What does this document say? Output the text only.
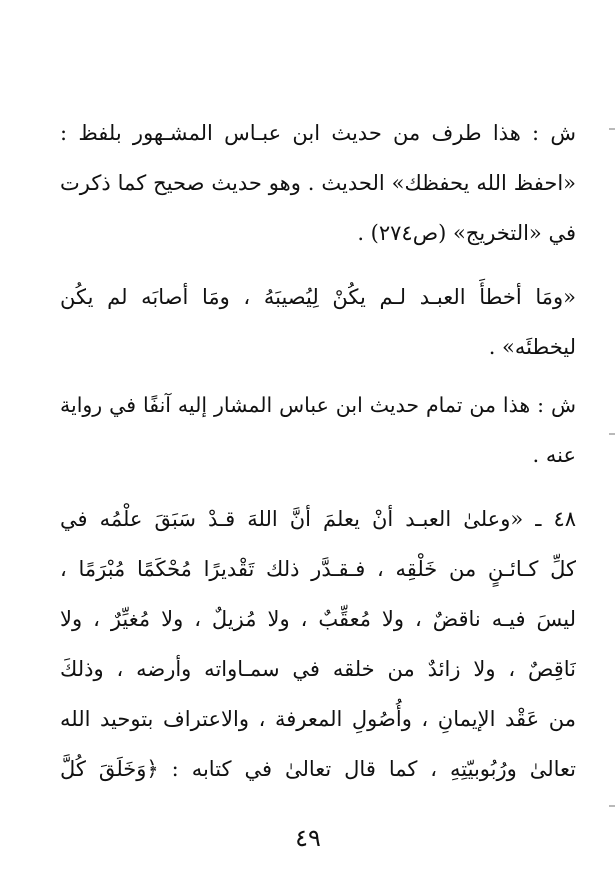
ش : هذا طرف من حديث ابن عبـاس المشـهور بلفظ :
«احفظ الله يحفظك» الحديث . وهو حديث صحيح كما ذكرت
في «التخريج» (ص٢٧٤) .

«ومَا أخطأَ العبـد لـم يكُنْ لِيُصيبَهُ ، ومَا أصابَه لم يكُن
ليخطئَه» .

ش : هذا من تمام حديث ابن عباس المشار إليه آنفًا في رواية
عنه .

٤٨ ـ «وعلىٰ العبـد أنْ يعلمَ أنَّ اللهَ قـدْ سَبَقَ علْمُه في
كلِّ كـائـنٍ من خَلْقِه ، فـقـدَّر ذلك تَقْديرًا مُحْكَمًا مُبْرَمًا ،
ليسَ فيـه ناقضٌ ، ولا مُعقِّبٌ ، ولا مُزيلٌ ، ولا مُغيِّرٌ ، ولا
نَاقِصٌ ، ولا زائدٌ من خلقه في سمـاواته وأرضه ، وذلكَ
من عَقْد الإيمانِ ، وأُصُولِ المعرفة ، والاعتراف بتوحيد الله
تعالىٰ ورُبُوبيّتِهِ ، كما قال تعالىٰ في كتابه : ﴿وَخَلَقَ كُلَّ

٤٩
